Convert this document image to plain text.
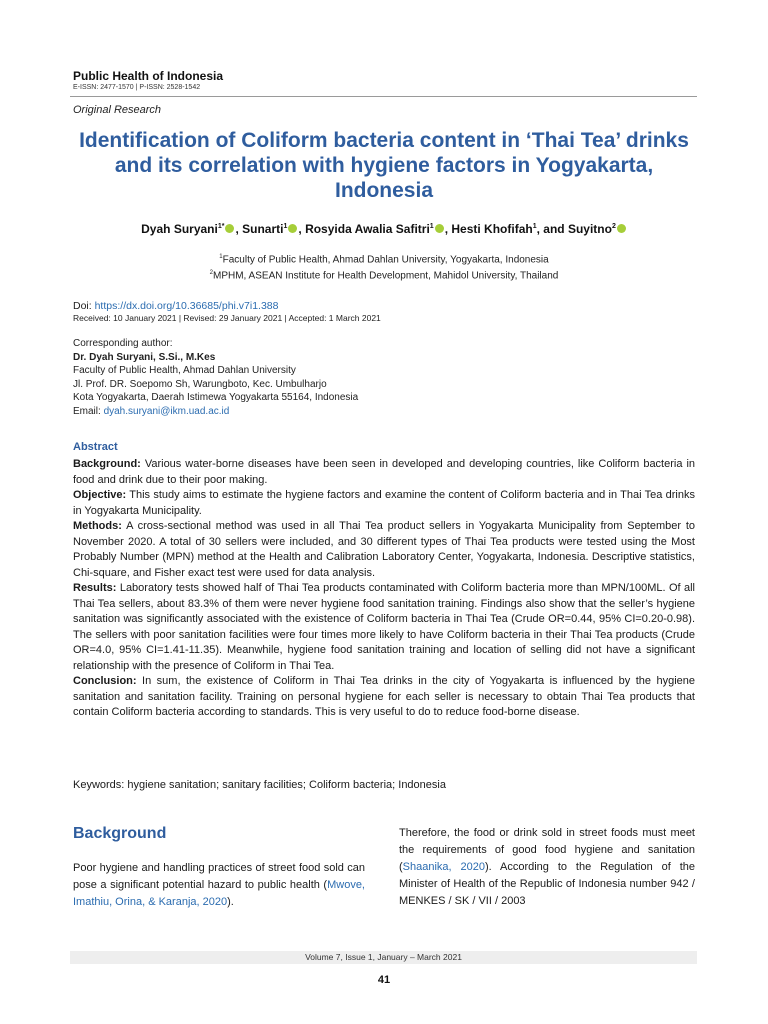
Public Health of Indonesia
E-ISSN: 2477-1570 | P-ISSN: 2528-1542
Original Research
Identification of Coliform bacteria content in ‘Thai Tea’ drinks and its correlation with hygiene factors in Yogyakarta, Indonesia
Dyah Suryani$^{1*}$ , Sunarti$^1$ , Rosyida Awalia Safitri$^1$ , Hesti Khofifah$^1$, and Suyitno$^2$
$^1$Faculty of Public Health, Ahmad Dahlan University, Yogyakarta, Indonesia
$^2$MPHM, ASEAN Institute for Health Development, Mahidol University, Thailand
Doi: https://dx.doi.org/10.36685/phi.v7i1.388
Received: 10 January 2021 | Revised: 29 January 2021 | Accepted: 1 March 2021
Corresponding author:
Dr. Dyah Suryani, S.Si., M.Kes
Faculty of Public Health, Ahmad Dahlan University
Jl. Prof. DR. Soepomo Sh, Warungboto, Kec. Umbulharjo
Kota Yogyakarta, Daerah Istimewa Yogyakarta 55164, Indonesia
Email: dyah.suryani@ikm.uad.ac.id
Abstract

Background: Various water-borne diseases have been seen in developed and developing countries, like Coliform bacteria in food and drink due to their poor making.

Objective: This study aims to estimate the hygiene factors and examine the content of Coliform bacteria and in Thai Tea drinks in Yogyakarta Municipality.

Methods: A cross-sectional method was used in all Thai Tea product sellers in Yogyakarta Municipality from September to November 2020. A total of 30 sellers were included, and 30 different types of Thai Tea products were tested using the Most Probably Number (MPN) method at the Health and Calibration Laboratory Center, Yogyakarta, Indonesia. Descriptive statistics, Chi-square, and Fisher exact test were used for data analysis.

Results: Laboratory tests showed half of Thai Tea products contaminated with Coliform bacteria more than MPN/100ML. Of all Thai Tea sellers, about 83.3% of them were never hygiene food sanitation training. Findings also show that the seller’s hygiene sanitation was significantly associated with the existence of Coliform bacteria in Thai Tea (Crude OR=0.44, 95% CI=0.20-0.98). The sellers with poor sanitation facilities were four times more likely to have Coliform bacteria in their Thai Tea products (Crude OR=4.0, 95% CI=1.41-11.35). Meanwhile, hygiene food sanitation training and location of selling did not have a significant relationship with the presence of Coliform in Thai Tea.

Conclusion: In sum, the existence of Coliform in Thai Tea drinks in the city of Yogyakarta is influenced by the hygiene sanitation and sanitation facility. Training on personal hygiene for each seller is necessary to obtain Thai Tea products that contain Coliform bacteria according to standards. This is very useful to do to reduce food-borne disease.

Keywords: hygiene sanitation; sanitary facilities; Coliform bacteria; Indonesia
Background

Poor hygiene and handling practices of street food sold can pose a significant potential hazard to public health (Mwove, Imathiu, Orina, & Karanja, 2020).

Therefore, the food or drink sold in street foods must meet the requirements of good food hygiene and sanitation (Shaanika, 2020). According to the Regulation of the Minister of Health of the Republic of Indonesia number 942 / MENKES / SK / VII / 2003

Volume 7, Issue 1, January – March 2021
41
